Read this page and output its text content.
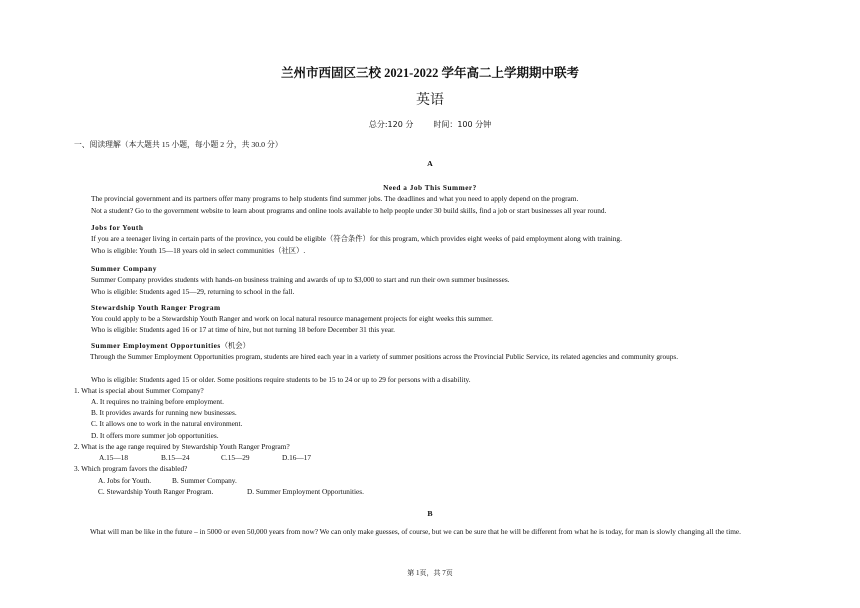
兰州市西固区三校 2021-2022 学年高二上学期期中联考
英语
总分:120 分	时间：100 分钟
一、阅读理解（本大题共 15 小题，每小题 2 分，共 30.0 分）
A
Need a Job This Summer?
The provincial government and its partners offer many programs to help students find summer jobs. The deadlines and what you need to apply depend on the program.
Not a student? Go to the government website to learn about programs and online tools available to help people under 30 build skills, find a job or start businesses all year round.
Jobs for Youth
If you are a teenager living in certain parts of the province, you could be eligible（符合条件）for this program, which provides eight weeks of paid employment along with training.
Who is eligible: Youth 15—18 years old in select communities（社区）.
Summer Company
Summer Company provides students with hands-on business training and awards of up to $3,000 to start and run their own summer businesses.
Who is eligible: Students aged 15—29, returning to school in the fall.
Stewardship Youth Ranger Program
You could apply to be a Stewardship Youth Ranger and work on local natural resource management projects for eight weeks this summer.
Who is eligible: Students aged 16 or 17 at time of hire, but not turning 18 before December 31 this year.
Summer Employment Opportunities（机会）
Through the Summer Employment Opportunities program, students are hired each year in a variety of summer positions across the Provincial Public Service, its related agencies and community groups.
Who is eligible: Students aged 15 or older. Some positions require students to be 15 to 24 or up to 29 for persons with a disability.
1. What is special about Summer Company?
A. It requires no training before employment.
B. It provides awards for running new businesses.
C. It allows one to work in the natural environment.
D. It offers more summer job opportunities.
2. What is the age range required by Stewardship Youth Ranger Program?
A.15—18	B.15—24	C.15—29	D.16—17
3. Which program favors the disabled?
A. Jobs for Youth.	B. Summer Company.
C. Stewardship Youth Ranger Program.	D. Summer Employment Opportunities.
B
What will man be like in the future – in 5000 or even 50,000 years from now? We can only make guesses, of course, but we can be sure that he will be different from what he is today, for man is slowly changing all the time.
第 1页，共 7页
